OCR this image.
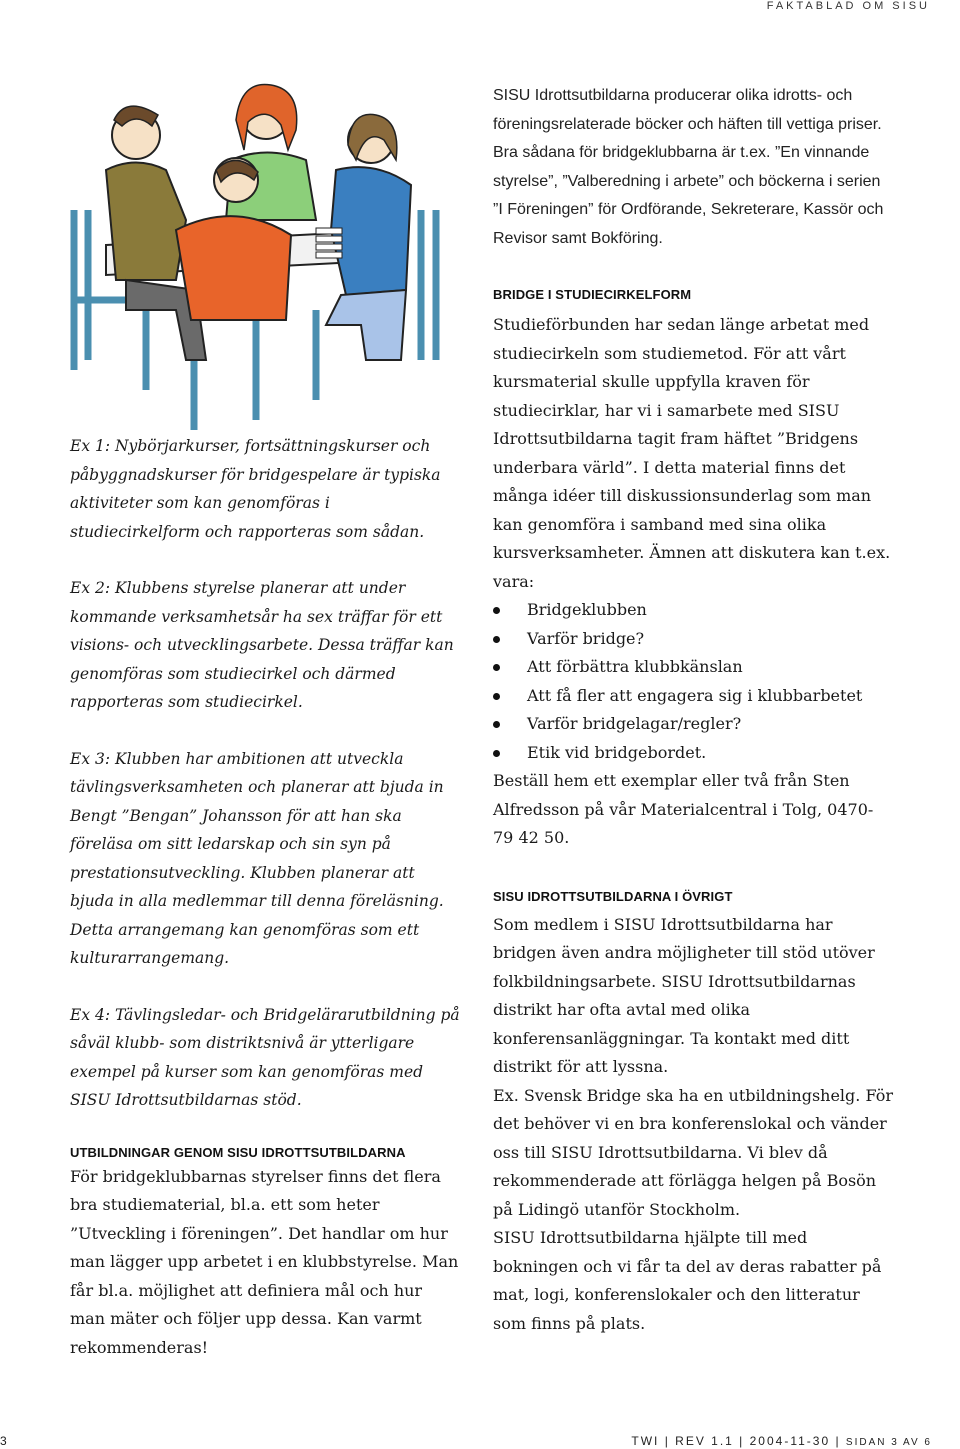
FAKTABLAD OM SISU

Ex 1: Nybörjarkurser, fortsättningskurser och påbyggnadskurser för bridgespelare är typiska aktiviteter som kan genomföras i studiecirkelform och rapporteras som sådan.

Ex 2: Klubbens styrelse planerar att under kommande verksamhetsår ha sex träffar för ett visions- och utvecklingsarbete. Dessa träffar kan genomföras som studiecirkel och därmed rapporteras som studiecirkel.

Ex 3: Klubben har ambitionen att utveckla tävlingsverksamheten och planerar att bjuda in Bengt ”Bengan” Johansson för att han ska föreläsa om sitt ledarskap och sin syn på prestationsutveckling. Klubben planerar att bjuda in alla medlemmar till denna föreläsning. Detta arrangemang kan genomföras som ett kulturarrangemang.

Ex 4: Tävlingsledar- och Bridgelärarutbildning på såväl klubb- som distriktsnivå är ytterligare exempel på kurser som kan genomföras med SISU Idrottsutbildarnas stöd.

UTBILDNINGAR GENOM SISU IDROTTSUTBILDARNA

För bridgeklubbarnas styrelser finns det flera bra studiematerial, bl.a. ett som heter ”Utveckling i föreningen”. Det handlar om hur man lägger upp arbetet i en klubbstyrelse. Man får bl.a. möjlighet att definiera mål och hur man mäter och följer upp dessa. Kan varmt rekommenderas!

SISU Idrottsutbildarna producerar olika idrotts- och föreningsrelaterade böcker och häften till vettiga priser. Bra sådana för bridgeklubbarna är t.ex. ”En vinnande styrelse”, ”Valberedning i arbete” och böckerna i serien ”I Föreningen” för Ordförande, Sekreterare, Kassör och Revisor samt Bokföring.

BRIDGE I STUDIECIRKELFORM

Studieförbunden har sedan länge arbetat med studiecirkeln som studiemetod. För att vårt kursmaterial skulle uppfylla kraven för studiecirklar, har vi i samarbete med SISU Idrottsutbildarna tagit fram häftet ”Bridgens underbara värld”. I detta material finns det många idéer till diskussionsunderlag som man kan genomföra i samband med sina olika kursverksamheter. Ämnen att diskutera kan t.ex. vara:

Bridgeklubben
Varför bridge?
Att förbättra klubbkänslan
Att få fler att engagera sig i klubbarbetet
Varför bridgelagar/regler?
Etik vid bridgebordet.

Beställ hem ett exemplar eller två från Sten Alfredsson på vår Materialcentral i Tolg, 0470-79 42 50.

SISU IDROTTSUTBILDARNA I ÖVRIGT

Som medlem i SISU Idrottsutbildarna har bridgen även andra möjligheter till stöd utöver folkbildningsarbete. SISU Idrottsutbildarnas distrikt har ofta avtal med olika konferensanläggningar. Ta kontakt med ditt distrikt för att lyssna.

Ex. Svensk Bridge ska ha en utbildningshelg. För det behöver vi en bra konferenslokal och vänder oss till SISU Idrottsutbildarna. Vi blev då rekommenderade att förlägga helgen på Bosön på Lidingö utanför Stockholm.

SISU Idrottsutbildarna hjälpte till med bokningen och vi får ta del av deras rabatter på mat, logi, konferenslokaler och den litteratur som finns på plats.

3	TWI | REV 1.1 | 2004-11-30 | SIDAN 3 AV 6
